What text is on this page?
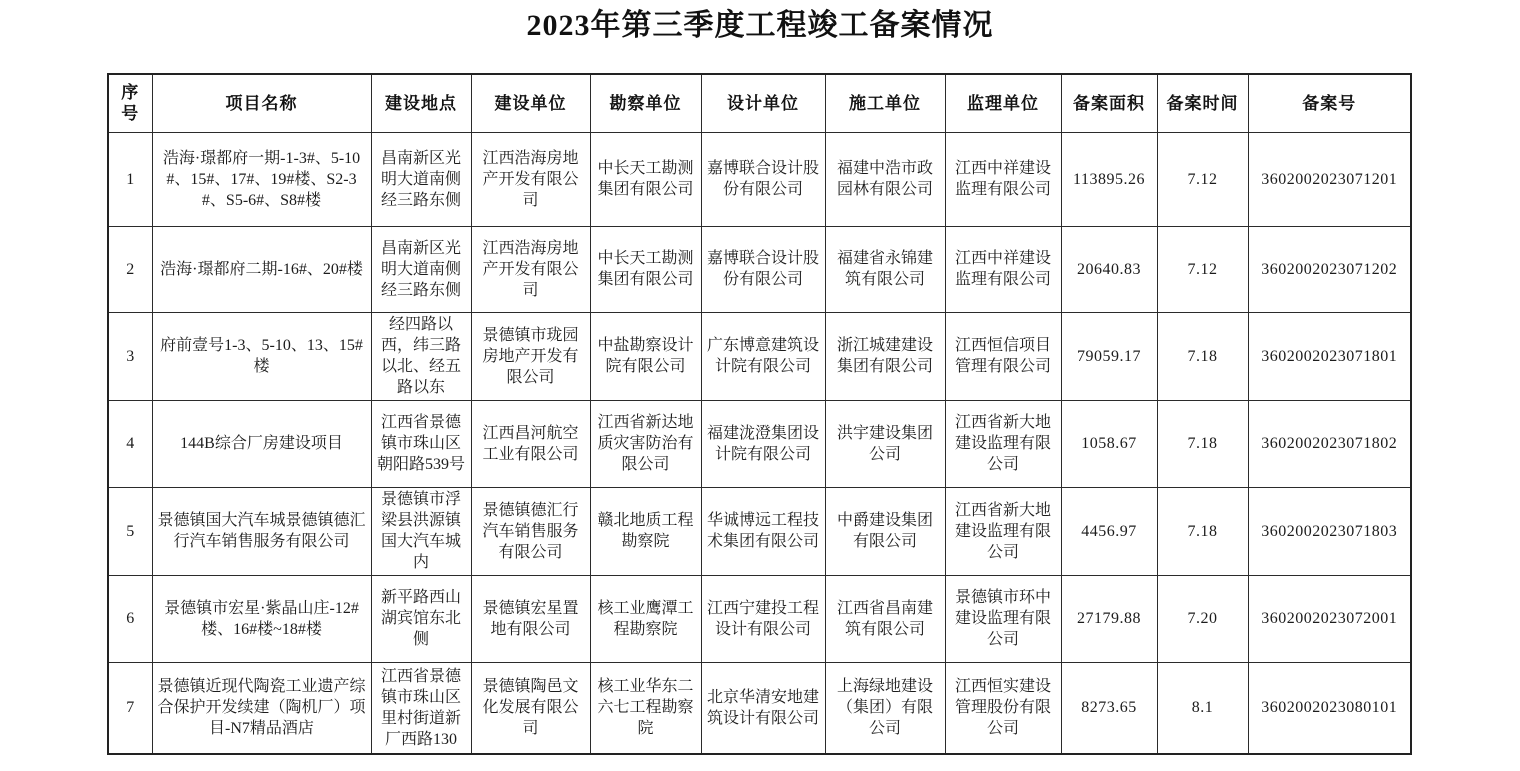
2023年第三季度工程竣工备案情况
序号	项目名称	建设地点	建设单位	勘察单位	设计单位	施工单位	监理单位	备案面积	备案时间	备案号
1	浩海·璟都府一期-1-3#、5-10#、15#、17#、19#楼、S2-3#、S5-6#、S8#楼	昌南新区光明大道南侧经三路东侧	江西浩海房地产开发有限公司	中长天工勘测集团有限公司	嘉博联合设计股份有限公司	福建中浩市政园林有限公司	江西中祥建设监理有限公司	113895.26	7.12	3602002023071201
2	浩海·璟都府二期-16#、20#楼	昌南新区光明大道南侧经三路东侧	江西浩海房地产开发有限公司	中长天工勘测集团有限公司	嘉博联合设计股份有限公司	福建省永锦建筑有限公司	江西中祥建设监理有限公司	20640.83	7.12	3602002023071202
3	府前壹号1-3、5-10、13、15#楼	经四路以西，纬三路以北、经五路以东	景德镇市珑园房地产开发有限公司	中盐勘察设计院有限公司	广东博意建筑设计院有限公司	浙江城建建设集团有限公司	江西恒信项目管理有限公司	79059.17	7.18	3602002023071801
4	144B综合厂房建设项目	江西省景德镇市珠山区朝阳路539号	江西昌河航空工业有限公司	江西省新达地质灾害防治有限公司	福建泷澄集团设计院有限公司	洪宇建设集团公司	江西省新大地建设监理有限公司	1058.67	7.18	3602002023071802
5	景德镇国大汽车城景德镇德汇行汽车销售服务有限公司	景德镇市浮梁县洪源镇国大汽车城内	景德镇德汇行汽车销售服务有限公司	赣北地质工程勘察院	华诚博远工程技术集团有限公司	中爵建设集团有限公司	江西省新大地建设监理有限公司	4456.97	7.18	3602002023071803
6	景德镇市宏星·紫晶山庄-12#楼、16#楼~18#楼	新平路西山湖宾馆东北侧	景德镇宏星置地有限公司	核工业鹰潭工程勘察院	江西宁建投工程设计有限公司	江西省昌南建筑有限公司	景德镇市环中建设监理有限公司	27179.88	7.20	3602002023072001
7	景德镇近现代陶瓷工业遗产综合保护开发续建（陶机厂）项目-N7精品酒店	江西省景德镇市珠山区里村街道新厂西路130	景德镇陶邑文化发展有限公司	核工业华东二六七工程勘察院	北京华清安地建筑设计有限公司	上海绿地建设（集团）有限公司	江西恒实建设管理股份有限公司	8273.65	8.1	3602002023080101
